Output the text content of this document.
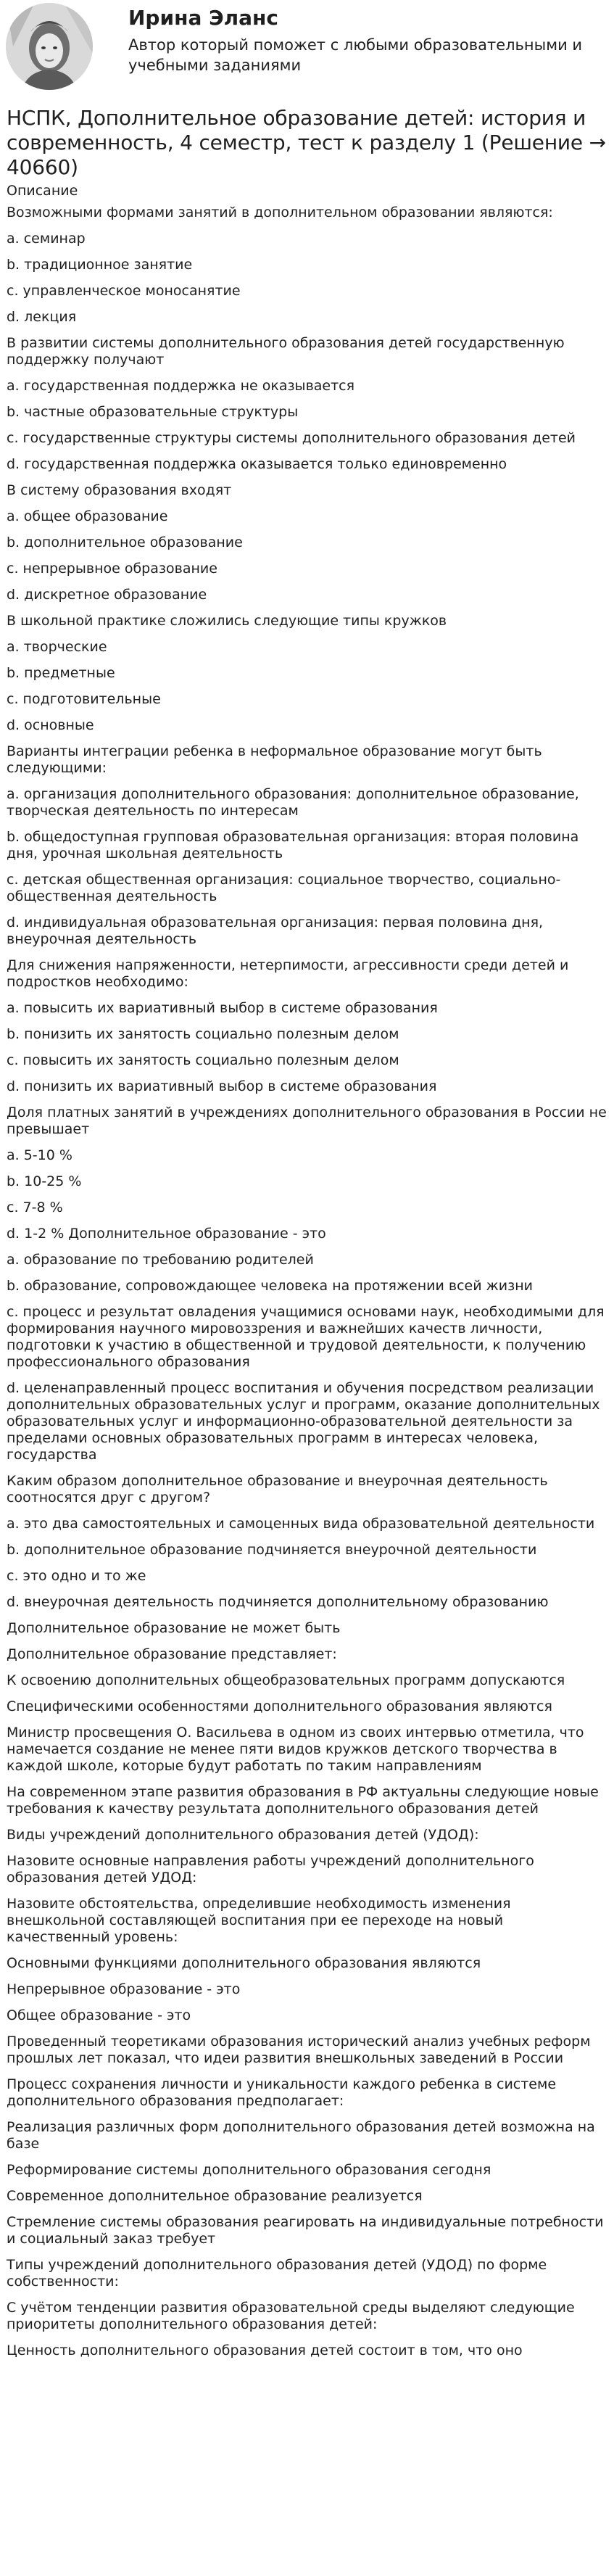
Ирина Эланс
Автор который поможет с любыми образовательными и учебными заданиями
НСПК, Дополнительное образование детей: история и современность, 4 семестр, тест к разделу 1 (Решение → 40660)
Описание
Возможными формами занятий в дополнительном образовании являются:
a. семинар
b. традиционное занятие
c. управленческое моносанятие
d. лекция
В развитии системы дополнительного образования детей государственную поддержку получают
a. государственная поддержка не оказывается
b. частные образовательные структуры
c. государственные структуры системы дополнительного образования детей
d. государственная поддержка оказывается только единовременно
В систему образования входят
a. общее образование
b. дополнительное образование
c. непрерывное образование
d. дискретное образование
В школьной практике сложились следующие типы кружков
a. творческие
b. предметные
c. подготовительные
d. основные
Варианты интеграции ребенка в неформальное образование могут быть следующими:
a. организация дополнительного образования: дополнительное образование, творческая деятельность по интересам
b. общедоступная групповая образовательная организация: вторая половина дня, урочная школьная деятельность
c. детская общественная организация: социальное творчество, социально-общественная деятельность
d. индивидуальная образовательная организация: первая половина дня, внеурочная деятельность
Для снижения напряженности, нетерпимости, агрессивности среди детей и подростков необходимо:
a. повысить их вариативный выбор в системе образования
b. понизить их занятость социально полезным делом
c. повысить их занятость социально полезным делом
d. понизить их вариативный выбор в системе образования
Доля платных занятий в учреждениях дополнительного образования в России не превышает
a. 5-10 %
b. 10-25 %
c. 7-8 %
d. 1-2 % Дополнительное образование - это
a. образование по требованию родителей
b. образование, сопровождающее человека на протяжении всей жизни
c. процесс и результат овладения учащимися основами наук, необходимыми для формирования научного мировоззрения и важнейших качеств личности, подготовки к участию в общественной и трудовой деятельности, к получению профессионального образования
d. целенаправленный процесс воспитания и обучения посредством реализации дополнительных образовательных услуг и программ, оказание дополнительных образовательных услуг и информационно-образовательной деятельности за пределами основных образовательных программ в интересах человека, государства
Каким образом дополнительное образование и внеурочная деятельность соотносятся друг с другом?
a. это два самостоятельных и самоценных вида образовательной деятельности
b. дополнительное образование подчиняется внеурочной деятельности
c. это одно и то же
d. внеурочная деятельность подчиняется дополнительному образованию
Дополнительное образование не может быть
Дополнительное образование представляет:
К освоению дополнительных общеобразовательных программ допускаются
Специфическими особенностями дополнительного образования являются
Министр просвещения О. Васильева в одном из своих интервью отметила, что намечается создание не менее пяти видов кружков детского творчества в каждой школе, которые будут работать по таким направлениям
На современном этапе развития образования в РФ актуальны следующие новые требования к качеству результата дополнительного образования детей
Виды учреждений дополнительного образования детей (УДОД):
Назовите основные направления работы учреждений дополнительного образования детей УДОД:
Назовите обстоятельства, определившие необходимость изменения внешкольной составляющей воспитания при ее переходе на новый качественный уровень:
Основными функциями дополнительного образования являются
Непрерывное образование - это
Общее образование - это
Проведенный теоретиками образования исторический анализ учебных реформ прошлых лет показал, что идеи развития внешкольных заведений в России
Процесс сохранения личности и уникальности каждого ребенка в системе дополнительного образования предполагает:
Реализация различных форм дополнительного образования детей возможна на базе
Реформирование системы дополнительного образования сегодня
Современное дополнительное образование реализуется
Стремление системы образования реагировать на индивидуальные потребности и социальный заказ требует
Типы учреждений дополнительного образования детей (УДОД) по форме собственности:
С учётом тенденции развития образовательной среды выделяют следующие приоритеты дополнительного образования детей:
Ценность дополнительного образования детей состоит в том, что оно
